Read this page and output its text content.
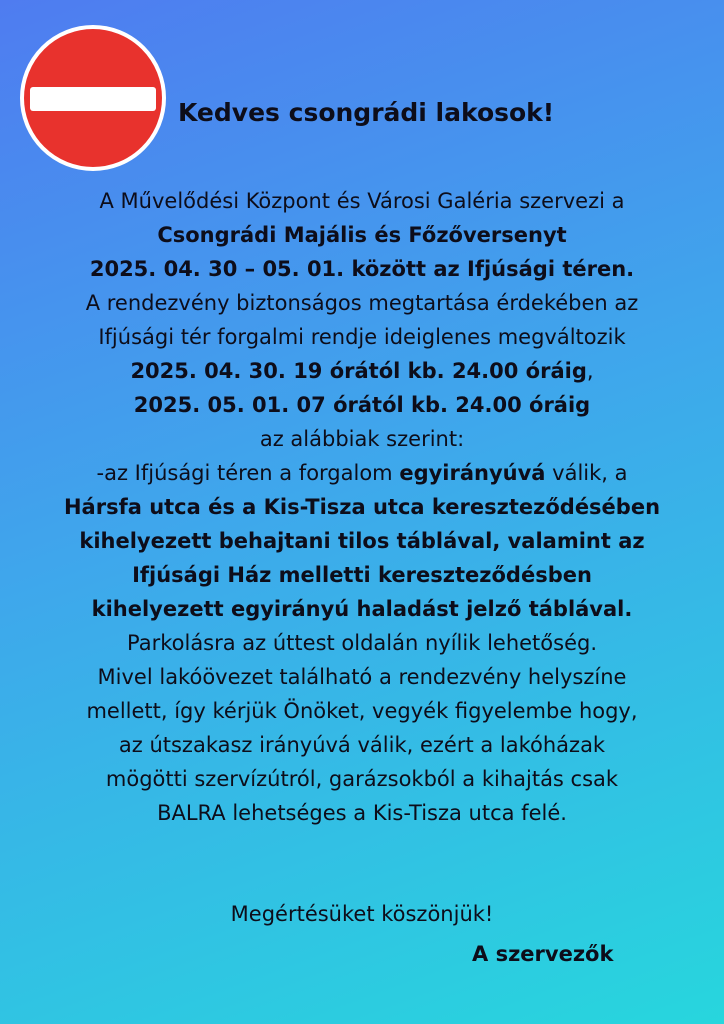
Kedves csongrádi lakosok!

A Művelődési Központ és Városi Galéria szervezi a

Csongrádi Majális és Főzőversenyt

2025. 04. 30 – 05. 01. között az Ifjúsági téren.

A rendezvény biztonságos megtartása érdekében az

Ifjúsági tér forgalmi rendje ideiglenes megváltozik

2025. 04. 30. 19 órától kb. 24.00 óráig,

2025. 05. 01. 07 órától kb. 24.00 óráig

az alábbiak szerint:

-az Ifjúsági téren a forgalom egyirányúvá válik, a

Hársfa utca és a Kis-Tisza utca kereszteződésében

kihelyezett behajtani tilos táblával, valamint az

Ifjúsági Ház melletti kereszteződésben

kihelyezett egyirányú haladást jelző táblával.

Parkolásra az úttest oldalán nyílik lehetőség.

Mivel lakóövezet található a rendezvény helyszíne

mellett, így kérjük Önöket, vegyék figyelembe hogy,

az útszakasz irányúvá válik, ezért a lakóházak

mögötti szervízútról, garázsokból a kihajtás csak

BALRA lehetséges a Kis-Tisza utca felé.

Megértésüket köszönjük!

A szervezők
